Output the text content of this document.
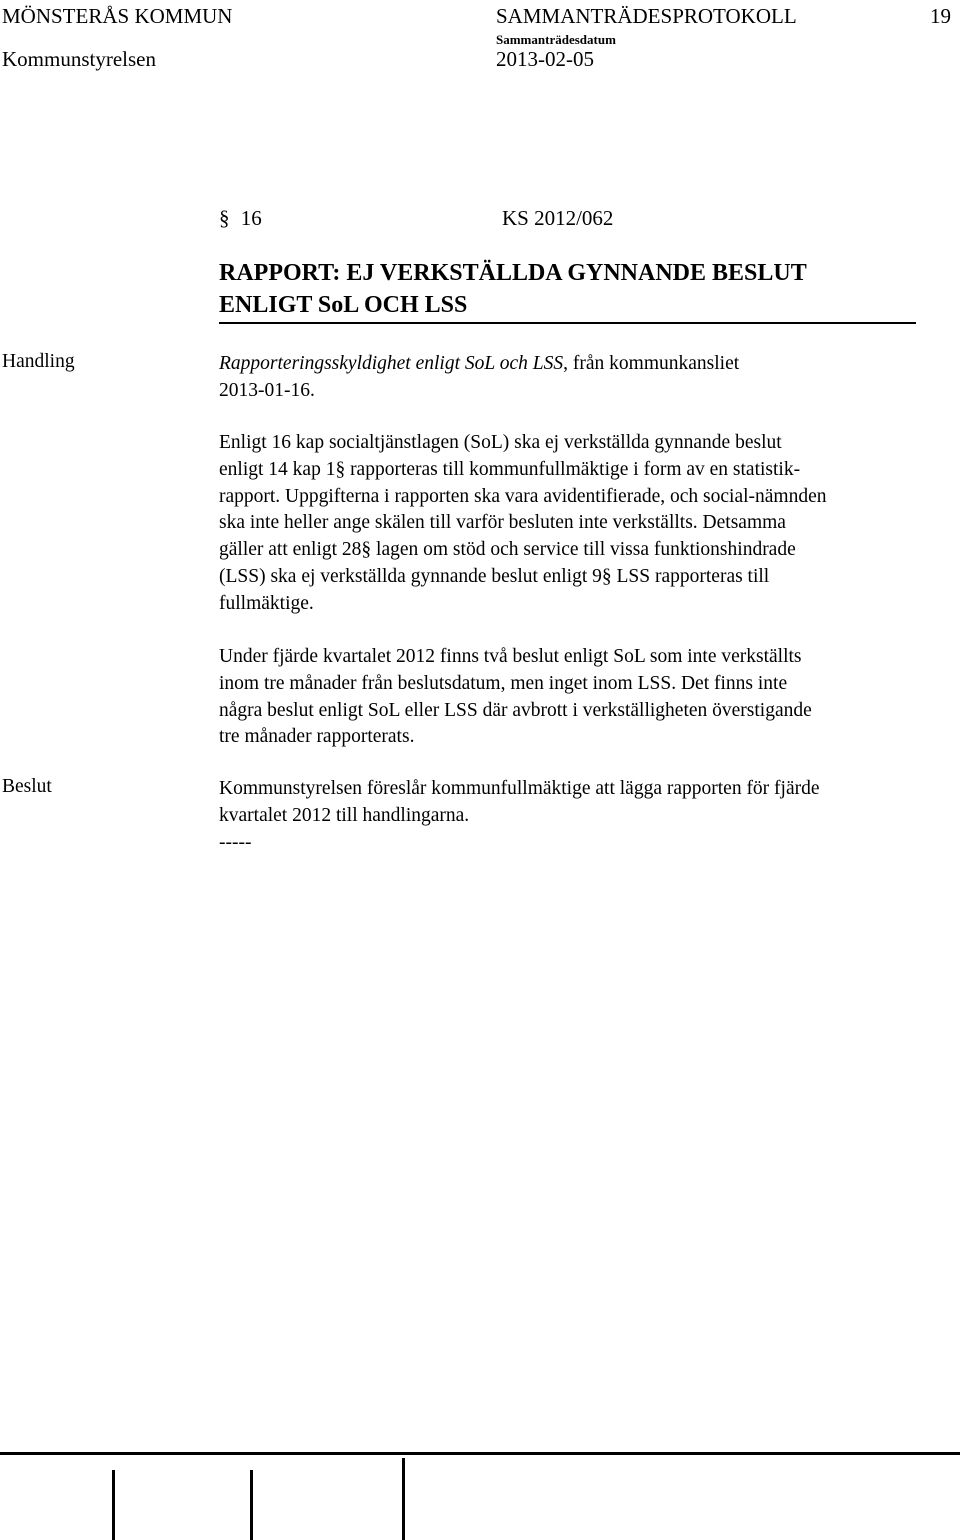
MÖNSTERÅS KOMMUN	SAMMANTRÄDESPROTOKOLL	19
Sammanträdesdatum
Kommunstyrelsen	2013-02-05
§ 16	KS 2012/062
RAPPORT: EJ VERKSTÄLLDA GYNNANDE BESLUT
ENLIGT SoL OCH LSS
Handling	Rapporteringsskyldighet enligt SoL och LSS, från kommunkansliet
2013-01-16.
Enligt 16 kap socialtjänstlagen (SoL) ska ej verkställda gynnande beslut
enligt 14 kap 1§ rapporteras till kommunfullmäktige i form av en statistik-
rapport. Uppgifterna i rapporten ska vara avidentifierade, och social-nämnden
ska inte heller ange skälen till varför besluten inte verkställts. Detsamma
gäller att enligt 28§ lagen om stöd och service till vissa funktionshindrade
(LSS) ska ej verkställda gynnande beslut enligt 9§ LSS rapporteras till
fullmäktige.
Under fjärde kvartalet 2012 finns två beslut enligt SoL som inte verkställts
inom tre månader från beslutsdatum, men inget inom LSS. Det finns inte
några beslut enligt SoL eller LSS där avbrott i verkställigheten överstigande
tre månader rapporterats.
Beslut	Kommunstyrelsen föreslår kommunfullmäktige att lägga rapporten för fjärde
kvartalet 2012 till handlingarna.
-----
